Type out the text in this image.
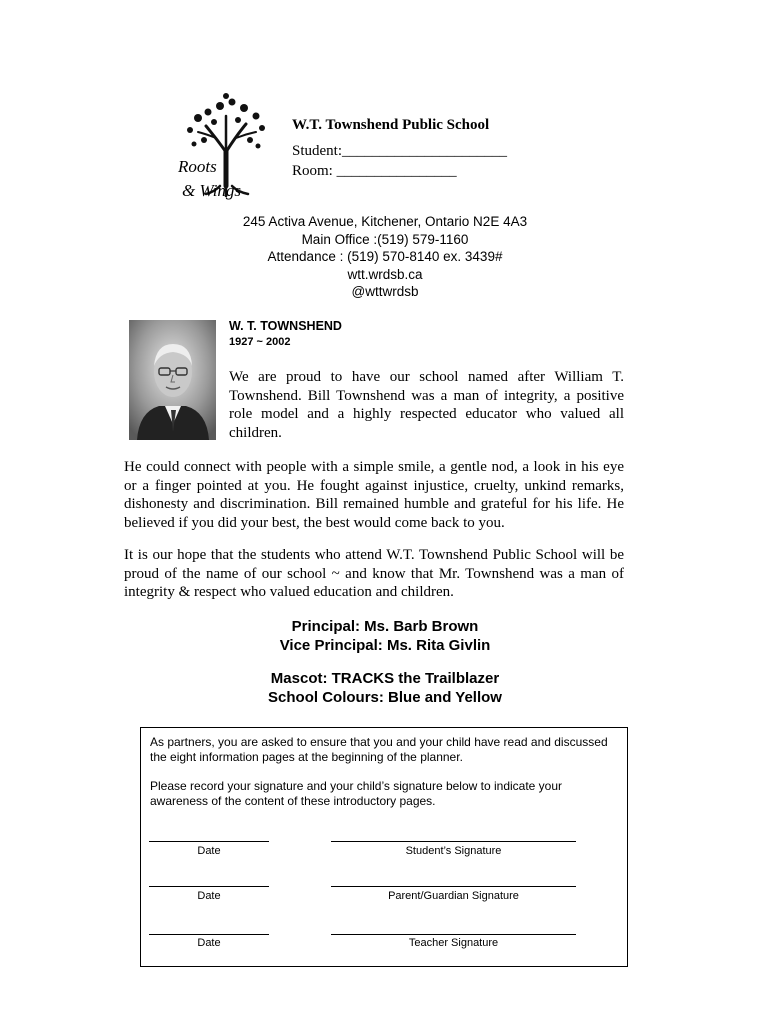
Roots
& Wings
W.T. Townshend Public School
Student:______________________
Room: ________________
245 Activa Avenue, Kitchener, Ontario N2E 4A3
Main Office :(519) 579-1160
Attendance : (519) 570-8140 ex. 3439#
wtt.wrdsb.ca
@wttwrdsb
W. T. TOWNSHEND
1927 ~ 2002
We are proud to have our school named after William T. Townshend. Bill Townshend was a man of integrity, a positive role model and a highly respected educator who valued all children.
He could connect with people with a simple smile, a gentle nod, a look in his eye or a finger pointed at you. He fought against injustice, cruelty, unkind remarks, dishonesty and discrimination. Bill remained humble and grateful for his life. He believed if you did your best, the best would come back to you.
It is our hope that the students who attend W.T. Townshend Public School will be proud of the name of our school ~ and know that Mr. Townshend was a man of integrity & respect who valued education and children.
Principal: Ms. Barb Brown
Vice Principal: Ms. Rita Givlin
Mascot: TRACKS the Trailblazer
School Colours: Blue and Yellow
As partners, you are asked to ensure that you and your child have read and discussed the eight information pages at the beginning of the planner.
Please record your signature and your child’s signature below to indicate your awareness of the content of these introductory pages.
Date	Student’s Signature
Date	Parent/Guardian Signature
Date	Teacher Signature
